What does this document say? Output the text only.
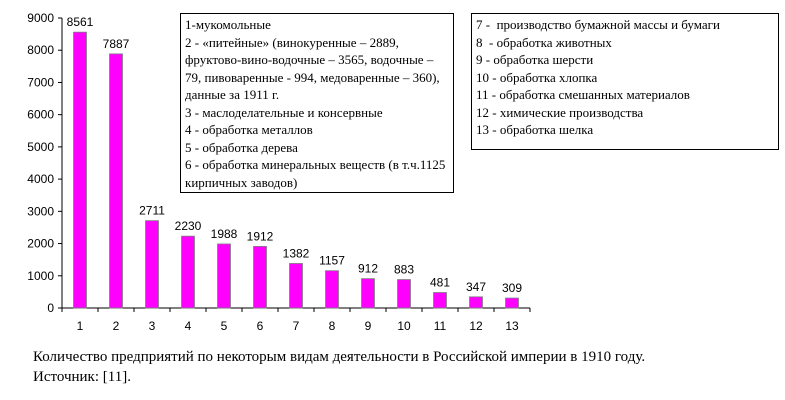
0
1000
2000
3000
4000
5000
6000
7000
8000
9000
1
8561
2
7887
3
2711
4
2230
5
1988
6
1912
7
1382
8
1157
9
912
10
883
11
481
12
347
13
309
1-мукомольные
2 - «питейные» (винокуренные – 2889, фруктово-вино-водочные – 3565, водочные – 79, пивоваренные - 994, медоваренные – 360), данные за 1911 г.
3 - маслоделательные и консервные
4 - обработка металлов
5 - обработка дерева
6 - обработка минеральных веществ (в т.ч.1125 кирпичных заводов)
7 -  производство бумажной массы и бумаги
8  - обработка животных
9 - обработка шерсти
10 - обработка хлопка
11 - обработка смешанных материалов
12 - химические производства
13 - обработка шелка
Количество предприятий по некоторым видам деятельности в Российской империи в 1910 году.
Источник: [11].
